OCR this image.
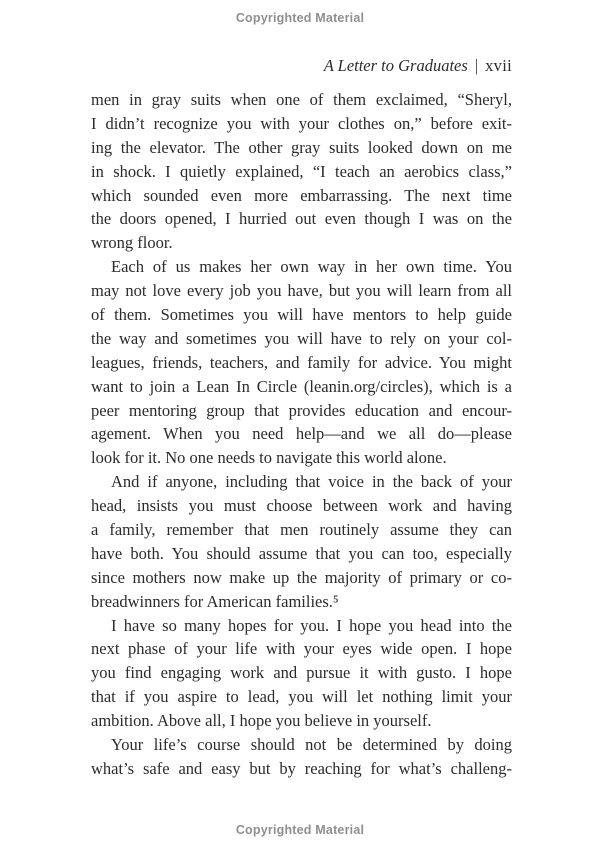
Copyrighted Material
A Letter to Graduates | xvii
men in gray suits when one of them exclaimed, “Sheryl,
I didn’t recognize you with your clothes on,” before exit-
ing the elevator. The other gray suits looked down on me
in shock. I quietly explained, “I teach an aerobics class,”
which sounded even more embarrassing. The next time
the doors opened, I hurried out even though I was on the
wrong floor.
Each of us makes her own way in her own time. You
may not love every job you have, but you will learn from all
of them. Sometimes you will have mentors to help guide
the way and sometimes you will have to rely on your col-
leagues, friends, teachers, and family for advice. You might
want to join a Lean In Circle (leanin.org/circles), which is a
peer mentoring group that provides education and encour-
agement. When you need help—and we all do—please
look for it. No one needs to navigate this world alone.
And if anyone, including that voice in the back of your
head, insists you must choose between work and having
a family, remember that men routinely assume they can
have both. You should assume that you can too, especially
since mothers now make up the majority of primary or co-
breadwinners for American families.⁵
I have so many hopes for you. I hope you head into the
next phase of your life with your eyes wide open. I hope
you find engaging work and pursue it with gusto. I hope
that if you aspire to lead, you will let nothing limit your
ambition. Above all, I hope you believe in yourself.
Your life’s course should not be determined by doing
what’s safe and easy but by reaching for what’s challeng-
Copyrighted Material
